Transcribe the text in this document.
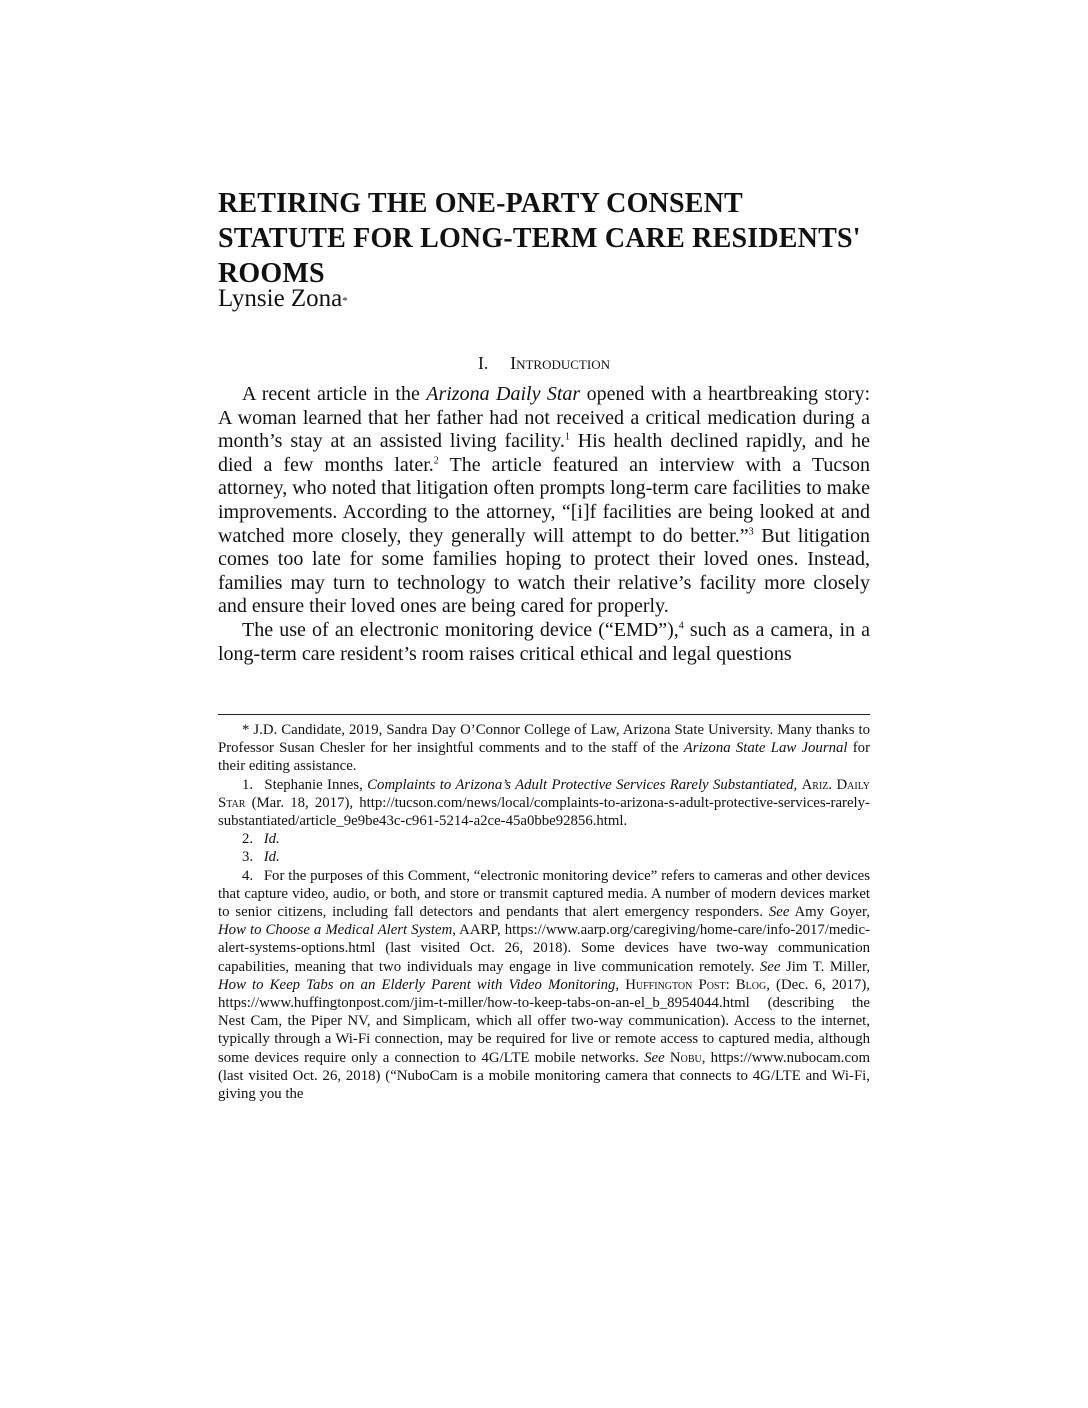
RETIRING THE ONE-PARTY CONSENT STATUTE FOR LONG-TERM CARE RESIDENTS' ROOMS
Lynsie Zona*
I. Introduction

A recent article in the Arizona Daily Star opened with a heartbreaking story: A woman learned that her father had not received a critical medication during a month’s stay at an assisted living facility.$^1$ His health declined rapidly, and he died a few months later.$^2$ The article featured an interview with a Tucson attorney, who noted that litigation often prompts long-term care facilities to make improvements. According to the attorney, “[i]f facilities are being looked at and watched more closely, they generally will attempt to do better.”$^3$ But litigation comes too late for some families hoping to protect their loved ones. Instead, families may turn to technology to watch their relative’s facility more closely and ensure their loved ones are being cared for properly.

The use of an electronic monitoring device (“EMD”),$^4$ such as a camera, in a long-term care resident’s room raises critical ethical and legal questions

* J.D. Candidate, 2019, Sandra Day O’Connor College of Law, Arizona State University. Many thanks to Professor Susan Chesler for her insightful comments and to the staff of the Arizona State Law Journal for their editing assistance.

1. Stephanie Innes, Complaints to Arizona’s Adult Protective Services Rarely Substantiated, Ariz. Daily Star (Mar. 18, 2017), http://tucson.com/news/local/complaints-to-arizona-s-adult-protective-services-rarely-substantiated/article_9e9be43c-c961-5214-a2ce-45a0bbe92856.html.

2. Id.

3. Id.

4. For the purposes of this Comment, “electronic monitoring device” refers to cameras and other devices that capture video, audio, or both, and store or transmit captured media. A number of modern devices market to senior citizens, including fall detectors and pendants that alert emergency responders. See Amy Goyer, How to Choose a Medical Alert System, AARP, https://www.aarp.org/caregiving/home-care/info-2017/medic-alert-systems-options.html (last visited Oct. 26, 2018). Some devices have two-way communication capabilities, meaning that two individuals may engage in live communication remotely. See Jim T. Miller, How to Keep Tabs on an Elderly Parent with Video Monitoring, Huffington Post: Blog, (Dec. 6, 2017), https://www.huffingtonpost.com/jim-t-miller/how-to-keep-tabs-on-an-el_b_8954044.html (describing the Nest Cam, the Piper NV, and Simplicam, which all offer two-way communication). Access to the internet, typically through a Wi-Fi connection, may be required for live or remote access to captured media, although some devices require only a connection to 4G/LTE mobile networks. See Nobu, https://www.nubocam.com (last visited Oct. 26, 2018) (“NuboCam is a mobile monitoring camera that connects to 4G/LTE and Wi-Fi, giving you the
